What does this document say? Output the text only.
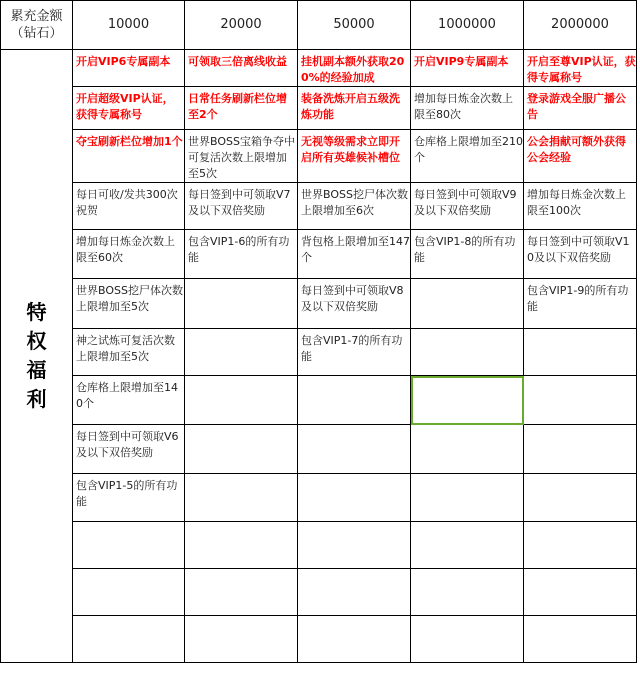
累充金额
（钻石）	10000	20000	50000	1000000	2000000
特
权
福
利	开启VIP6专属副本	可领取三倍离线收益	挂机副本额外获取200%的经验加成	开启VIP9专属副本	开启至尊VIP认证，获得专属称号

	开启超级VIP认证，获得专属称号	日常任务刷新栏位增至2个	装备洗炼开启五级洗炼功能	增加每日炼金次数上限至80次	登录游戏全服广播公告

	夺宝刷新栏位增加1个	世界BOSS宝箱争夺中可复活次数上限增加至5次	无视等级需求立即开启所有英雄候补槽位	仓库格上限增加至210个	公会捐献可额外获得公会经验

	每日可收/发共300次祝贺	每日签到中可领取V7及以下双倍奖励	世界BOSS挖尸体次数上限增加至6次	每日签到中可领取V9及以下双倍奖励	增加每日炼金次数上限至100次

	增加每日炼金次数上限至60次	包含VIP1-6的所有功能	背包格上限增加至147个	包含VIP1-8的所有功能	每日签到中可领取V10及以下双倍奖励

	世界BOSS挖尸体次数上限增加至5次		每日签到中可领取V8及以下双倍奖励		包含VIP1-9的所有功能

	神之试炼可复活次数上限增加至5次		包含VIP1-7的所有功能		

	仓库格上限增加至140个				

	每日签到中可领取V6及以下双倍奖励				

	包含VIP1-5的所有功能				
